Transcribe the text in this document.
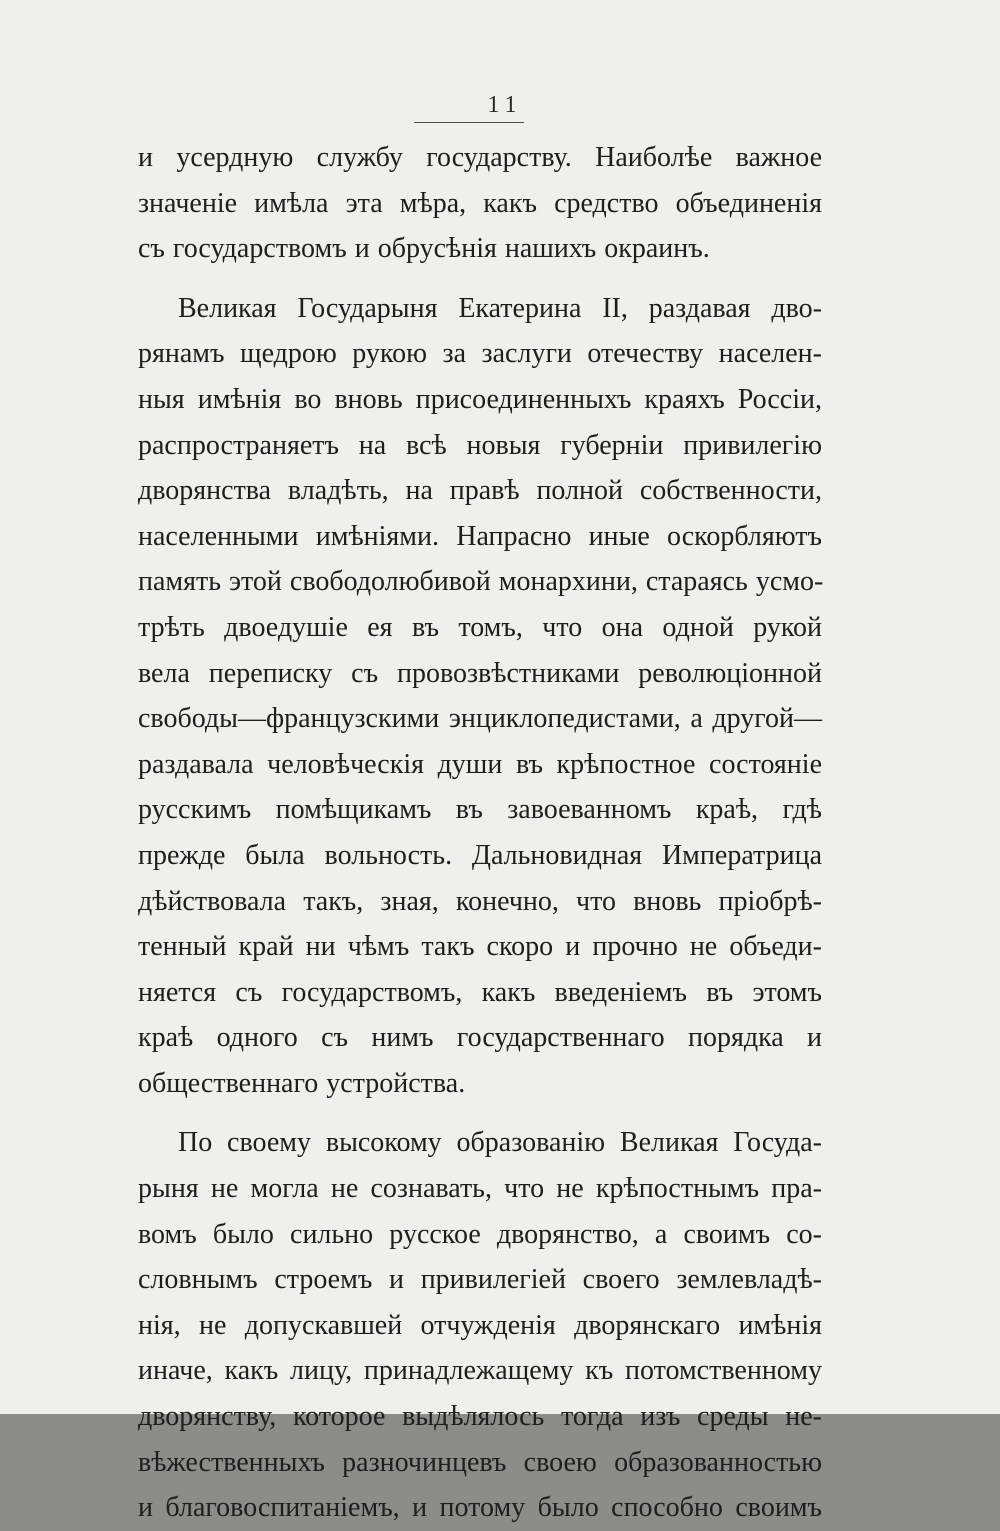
11
и усердную службу государству. Наиболѣе важное
значенiе имѣла эта мѣра, какъ средство объединенiя
съ государствомъ и обрусѣнiя нашихъ окраинъ.
Великая Государыня Екатерина II, раздавая дво-
рянамъ щедрою рукою за заслуги отечеству населен-
ныя имѣнiя во вновь присоединенныхъ краяхъ Россiи,
распространяетъ на всѣ новыя губернiи привилегiю
дворянства владѣть, на правѣ полной собственности,
населенными имѣнiями. Напрасно иные оскорбляютъ
память этой свободолюбивой монархини, стараясь усмо-
трѣть двоедушiе ея въ томъ, что она одной рукой
вела переписку съ провозвѣстниками революцiонной
свободы—французскими энциклопедистами, а другой—
раздавала человѣческiя души въ крѣпостное состоянiе
русскимъ помѣщикамъ въ завоеванномъ краѣ, гдѣ
прежде была вольность. Дальновидная Императрица
дѣйствовала такъ, зная, конечно, что вновь прiобрѣ-
тенный край ни чѣмъ такъ скоро и прочно не объеди-
няется съ государствомъ, какъ введенiемъ въ этомъ
краѣ одного съ нимъ государственнаго порядка и
общественнаго устройства.
По своему высокому образованiю Великая Госуда-
рыня не могла не сознавать, что не крѣпостнымъ пра-
вомъ было сильно русское дворянство, а своимъ со-
словнымъ строемъ и привилегiей своего землевладѣ-
нiя, не допускавшей отчужденiя дворянскаго имѣнiя
иначе, какъ лицу, принадлежащему къ потомственному
дворянству, которое выдѣлялось тогда изъ среды не-
вѣжественныхъ разночинцевъ своею образованностью
и благовоспитанiемъ, и потому было способно своимъ
